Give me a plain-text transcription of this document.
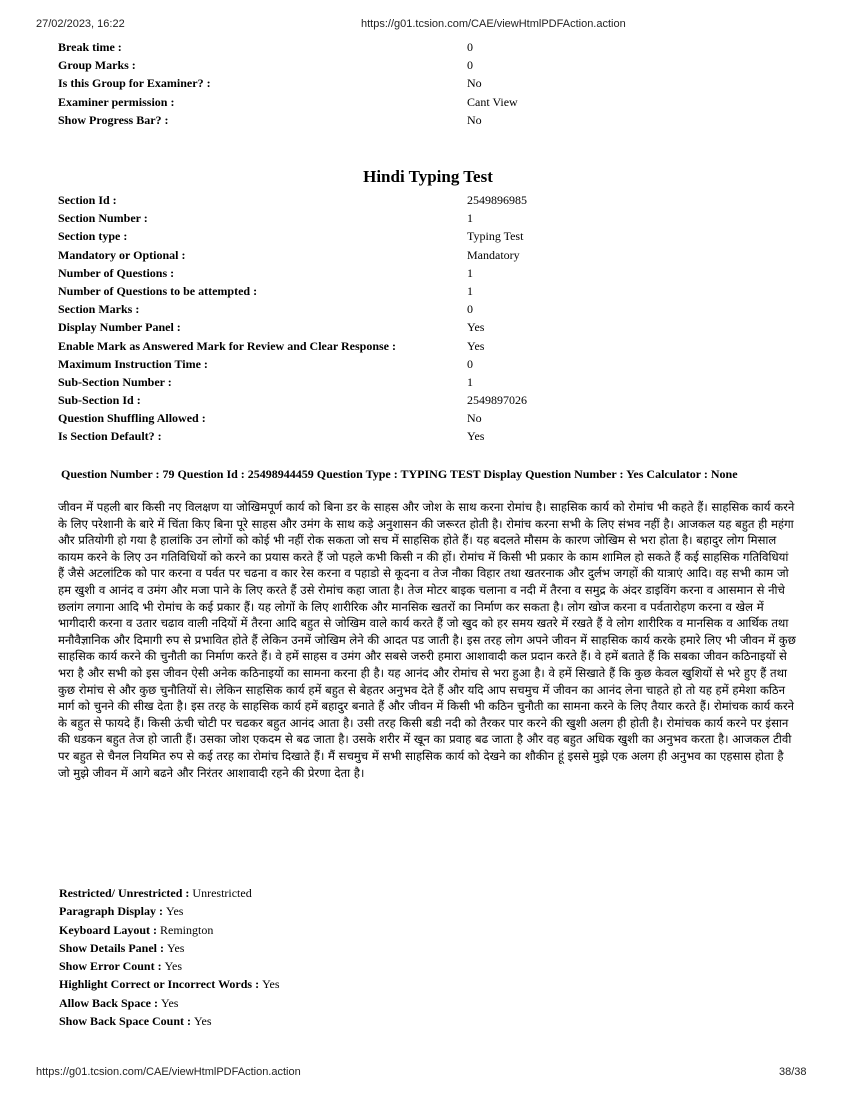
27/02/2023, 16:22	https://g01.tcsion.com/CAE/viewHtmlPDFAction.action
Break time :	0
Group Marks :	0
Is this Group for Examiner? :	No
Examiner permission :	Cant View
Show Progress Bar? :	No
Hindi Typing Test
Section Id :	2549896985
Section Number :	1
Section type :	Typing Test
Mandatory or Optional :	Mandatory
Number of Questions :	1
Number of Questions to be attempted :	1
Section Marks :	0
Display Number Panel :	Yes
Enable Mark as Answered Mark for Review and Clear Response :	Yes
Maximum Instruction Time :	0
Sub-Section Number :	1
Sub-Section Id :	2549897026
Question Shuffling Allowed :	No
Is Section Default? :	Yes
Question Number : 79 Question Id : 25498944459 Question Type : TYPING TEST Display Question Number : Yes Calculator : None
जीवन में पहली बार किसी नए विलक्षण या जोखिमपूर्ण कार्य को बिना डर के साहस और जोश के साथ करना रोमांच है। साहसिक कार्य को रोमांच भी कहते हैं। साहसिक कार्य करने के लिए परेशानी के बारे में चिंता किए बिना पूरे साहस और उमंग के साथ कड़े अनुशासन की जरूरत होती है। रोमांच करना सभी के लिए संभव नहीं है। आजकल यह बहुत ही महंगा और प्रतियोगी हो गया है हालांकि उन लोगों को कोई भी नहीं रोक सकता जो सच में साहसिक होते हैं। यह बदलते मौसम के कारण जोखिम से भरा होता है। बहादुर लोग मिसाल कायम करने के लिए उन गतिविधियों को करने का प्रयास करते हैं जो पहले कभी किसी न की हों। रोमांच में किसी भी प्रकार के काम शामिल हो सकते हैं कई साहसिक गतिविधियां हैं जैसे अटलांटिक को पार करना व पर्वत पर चढना व कार रेस करना व पहाडो से कूदना व तेज नौका विहार तथा खतरनाक और दुर्लभ जगहों की यात्राएं आदि। वह सभी काम जो हम खुशी व आनंद व उमंग और मजा पाने के लिए करते हैं उसे रोमांच कहा जाता है। तेज मोटर बाइक चलाना व नदी में तैरना व समुद्र के अंदर डाइविंग करना व आसमान से नीचे छलांग लगाना आदि भी रोमांच के कई प्रकार हैं। यह लोगों के लिए शारीरिक और मानसिक खतरों का निर्माण कर सकता है। लोग खोज करना व पर्वतारोहण करना व खेल में भागीदारी करना व उतार चढाव वाली नदियों में तैरना आदि बहुत से जोखिम वाले कार्य करते हैं जो खुद को हर समय खतरे में रखते हैं वे लोग शारीरिक व मानसिक व आर्थिक तथा मनौवैज्ञानिक और दिमागी रुप से प्रभावित होते हैं लेकिन उनमें जोखिम लेने की आदत पड जाती है। इस तरह लोग अपने जीवन में साहसिक कार्य करके हमारे लिए भी जीवन में कुछ साहसिक कार्य करने की चुनौती का निर्माण करते हैं। वे हमें साहस व उमंग और सबसे जरुरी हमारा आशावादी कल प्रदान करते हैं। वे हमें बताते हैं कि सबका जीवन कठिनाइयों से भरा है और सभी को इस जीवन ऐसी अनेक कठिनाइयों का सामना करना ही है। यह आनंद और रोमांच से भरा हुआ है। वे हमें सिखाते हैं कि कुछ केवल खुशियों से भरे हुए हैं तथा कुछ रोमांच से और कुछ चुनौतियों से। लेकिन साहसिक कार्य हमें बहुत से बेहतर अनुभव देते हैं और यदि आप सचमुच में जीवन का आनंद लेना चाहते हो तो यह हमें हमेशा कठिन मार्ग को चुनने की सीख देता है। इस तरह के साहसिक कार्य हमें बहादुर बनाते हैं और जीवन में किसी भी कठिन चुनौती का सामना करने के लिए तैयार करते हैं। रोमांचक कार्य करने के बहुत से फायदे हैं। किसी ऊंची चोटी पर चढकर बहुत आनंद आता है। उसी तरह किसी बडी नदी को तैरकर पार करने की खुशी अलग ही होती है। रोमांचक कार्य करने पर इंसान की धडकन बहुत तेज हो जाती हैं। उसका जोश एकदम से बढ जाता है। उसके शरीर में खून का प्रवाह बढ जाता है और वह बहुत अधिक खुशी का अनुभव करता है। आजकल टीवी पर बहुत से चैनल नियमित रुप से कई तरह का रोमांच दिखाते हैं। मैं सचमुच में सभी साहसिक कार्य को देखने का शौकीन हूं इससे मुझे एक अलग ही अनुभव का एहसास होता है जो मुझे जीवन में आगे बढने और निरंतर आशावादी रहने की प्रेरणा देता है।
Restricted/ Unrestricted : Unrestricted
Paragraph Display : Yes
Keyboard Layout : Remington
Show Details Panel : Yes
Show Error Count : Yes
Highlight Correct or Incorrect Words : Yes
Allow Back Space : Yes
Show Back Space Count : Yes
https://g01.tcsion.com/CAE/viewHtmlPDFAction.action	38/38
